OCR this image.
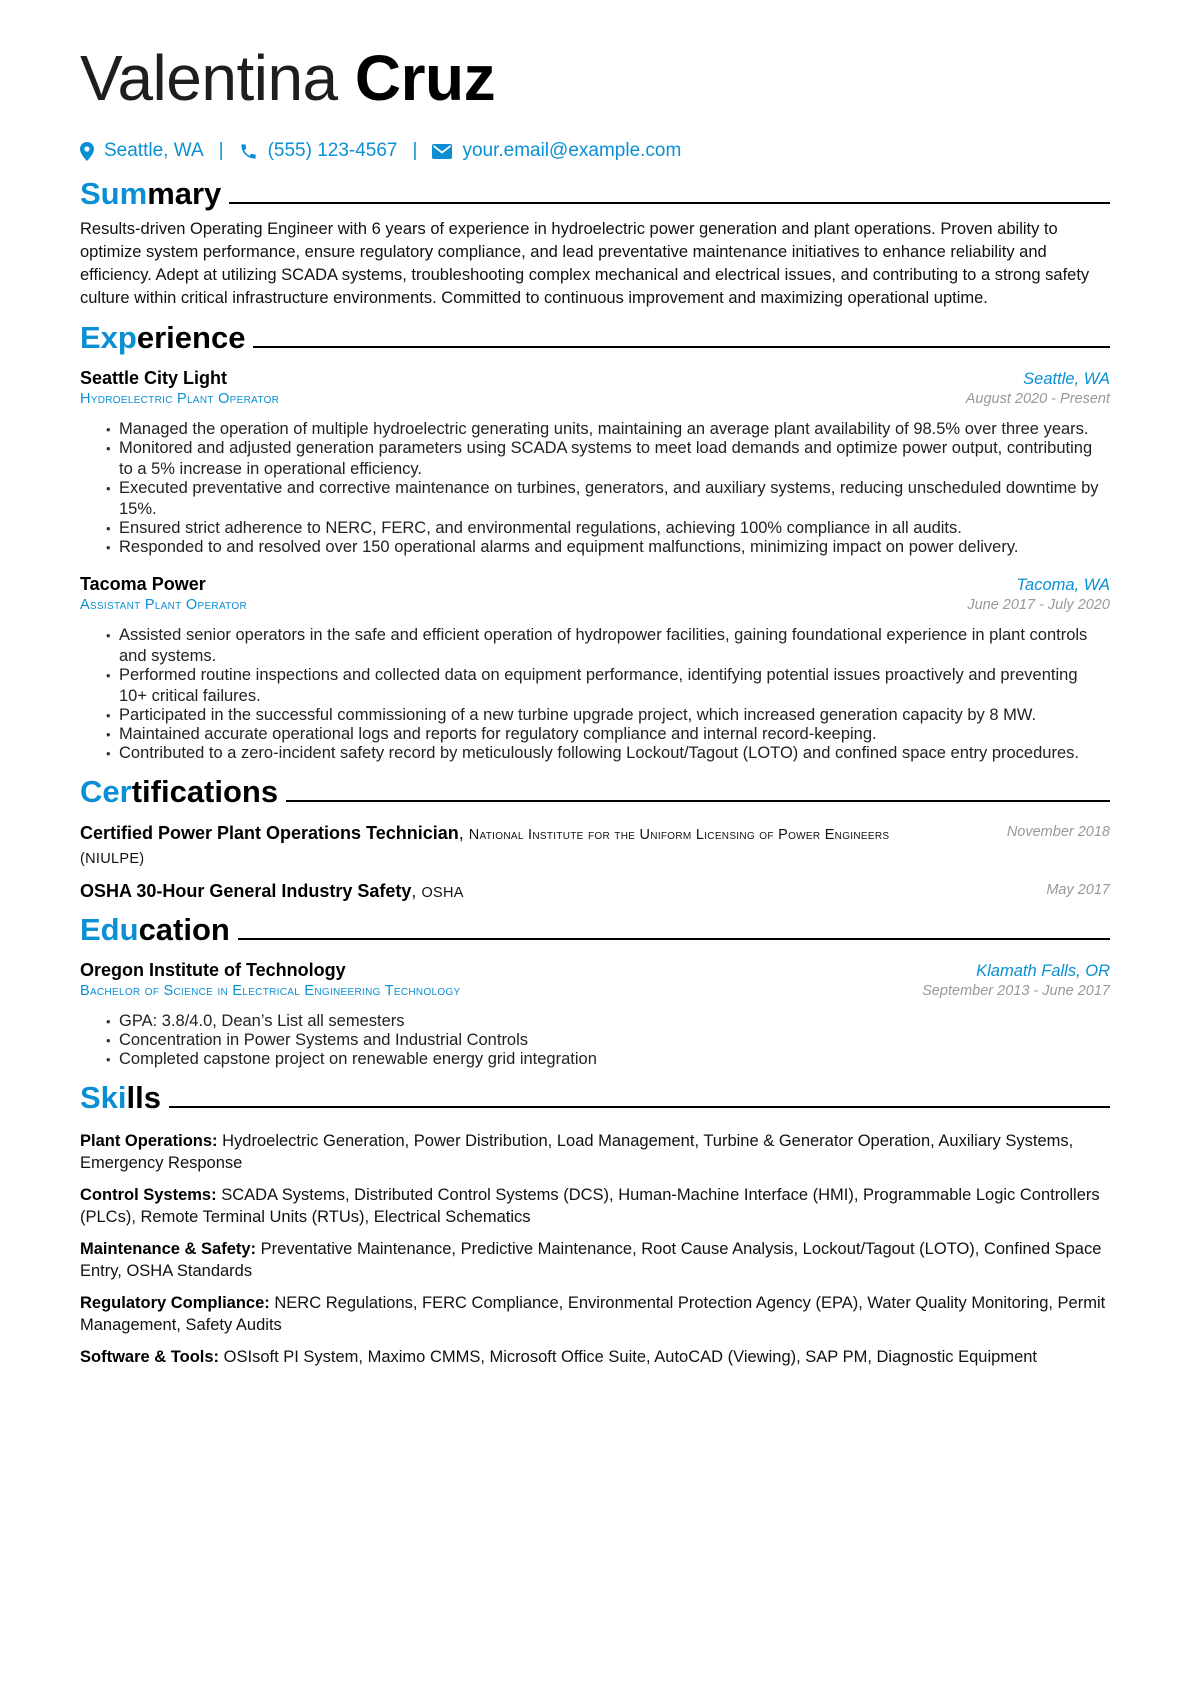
Valentina Cruz
Seattle, WA | (555) 123-4567 | your.email@example.com
Summary

Results-driven Operating Engineer with 6 years of experience in hydroelectric power generation and plant operations. Proven ability to optimize system performance, ensure regulatory compliance, and lead preventative maintenance initiatives to enhance reliability and efficiency. Adept at utilizing SCADA systems, troubleshooting complex mechanical and electrical issues, and contributing to a strong safety culture within critical infrastructure environments. Committed to continuous improvement and maximizing operational uptime.

Experience
Seattle City Light	Seattle, WA
Hydroelectric Plant Operator	August 2020 - Present
• Managed the operation of multiple hydroelectric generating units, maintaining an average plant availability of 98.5% over three years.
• Monitored and adjusted generation parameters using SCADA systems to meet load demands and optimize power output, contributing to a 5% increase in operational efficiency.
• Executed preventative and corrective maintenance on turbines, generators, and auxiliary systems, reducing unscheduled downtime by 15%.
• Ensured strict adherence to NERC, FERC, and environmental regulations, achieving 100% compliance in all audits.
• Responded to and resolved over 150 operational alarms and equipment malfunctions, minimizing impact on power delivery.
Tacoma Power	Tacoma, WA
Assistant Plant Operator	June 2017 - July 2020
• Assisted senior operators in the safe and efficient operation of hydropower facilities, gaining foundational experience in plant controls and systems.
• Performed routine inspections and collected data on equipment performance, identifying potential issues proactively and preventing 10+ critical failures.
• Participated in the successful commissioning of a new turbine upgrade project, which increased generation capacity by 8 MW.
• Maintained accurate operational logs and reports for regulatory compliance and internal record-keeping.
• Contributed to a zero-incident safety record by meticulously following Lockout/Tagout (LOTO) and confined space entry procedures.
Certifications
Certified Power Plant Operations Technician, National Institute for the Uniform Licensing of Power Engineers (NIULPE)
November 2018
OSHA 30-Hour General Industry Safety, OSHA	May 2017
Education
Oregon Institute of Technology	Klamath Falls, OR
Bachelor of Science in Electrical Engineering Technology	September 2013 - June 2017
• GPA: 3.8/4.0, Dean’s List all semesters
• Concentration in Power Systems and Industrial Controls
• Completed capstone project on renewable energy grid integration
Skills

Plant Operations: Hydroelectric Generation, Power Distribution, Load Management, Turbine & Generator Operation, Auxiliary Systems, Emergency Response

Control Systems: SCADA Systems, Distributed Control Systems (DCS), Human-Machine Interface (HMI), Programmable Logic Controllers (PLCs), Remote Terminal Units (RTUs), Electrical Schematics

Maintenance & Safety: Preventative Maintenance, Predictive Maintenance, Root Cause Analysis, Lockout/Tagout (LOTO), Confined Space Entry, OSHA Standards

Regulatory Compliance: NERC Regulations, FERC Compliance, Environmental Protection Agency (EPA), Water Quality Monitoring, Permit Management, Safety Audits

Software & Tools: OSIsoft PI System, Maximo CMMS, Microsoft Office Suite, AutoCAD (Viewing), SAP PM, Diagnostic Equipment
